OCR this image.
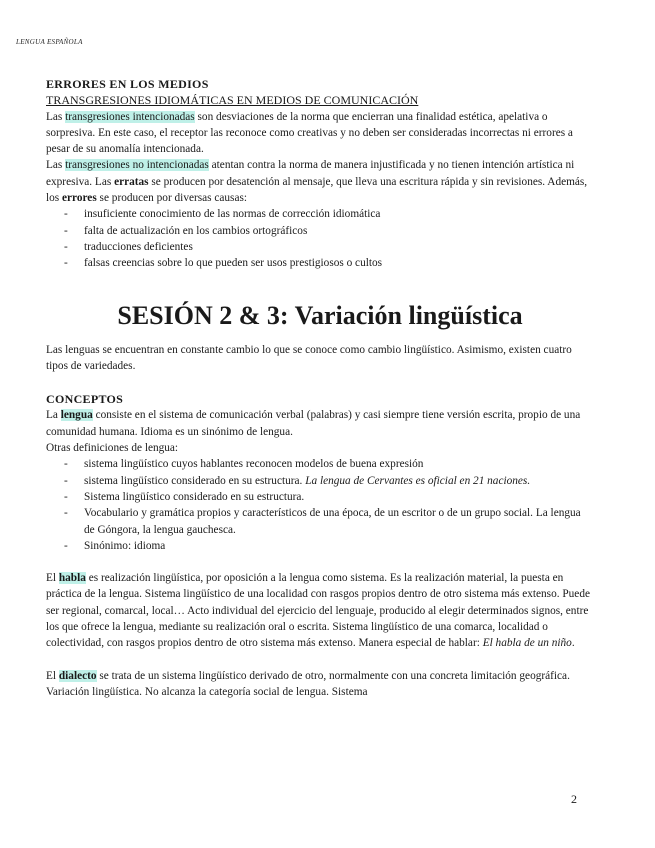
LENGUA ESPAÑOLA

ERRORES EN LOS MEDIOS

TRANSGRESIONES IDIOMÁTICAS EN MEDIOS DE COMUNICACIÓN

Las transgresiones intencionadas son desviaciones de la norma que encierran una finalidad estética, apelativa o sorpresiva. En este caso, el receptor las reconoce como creativas y no deben ser consideradas incorrectas ni errores a pesar de su anomalía intencionada.

Las transgresiones no intencionadas atentan contra la norma de manera injustificada y no tienen intención artística ni expresiva. Las erratas se producen por desatención al mensaje, que lleva una escritura rápida y sin revisiones. Además, los errores se producen por diversas causas:

- insuficiente conocimiento de las normas de corrección idiomática
- falta de actualización en los cambios ortográficos
- traducciones deficientes
- falsas creencias sobre lo que pueden ser usos prestigiosos o cultos
SESIÓN 2 & 3: Variación lingüística

Las lenguas se encuentran en constante cambio lo que se conoce como cambio lingüístico. Asimismo, existen cuatro tipos de variedades.

CONCEPTOS

La lengua consiste en el sistema de comunicación verbal (palabras) y casi siempre tiene versión escrita, propio de una comunidad humana. Idioma es un sinónimo de lengua.

Otras definiciones de lengua:

- sistema lingüístico cuyos hablantes reconocen modelos de buena expresión
- sistema lingüístico considerado en su estructura. La lengua de Cervantes es oficial en 21 naciones.
- Sistema lingüístico considerado en su estructura.
- Vocabulario y gramática propios y característicos de una época, de un escritor o de un grupo social. La lengua de Góngora, la lengua gauchesca.
- Sinónimo: idioma

El habla es realización lingüística, por oposición a la lengua como sistema. Es la realización material, la puesta en práctica de la lengua. Sistema lingüístico de una localidad con rasgos propios dentro de otro sistema más extenso. Puede ser regional, comarcal, local… Acto individual del ejercicio del lenguaje, producido al elegir determinados signos, entre los que ofrece la lengua, mediante su realización oral o escrita. Sistema lingüístico de una comarca, localidad o colectividad, con rasgos propios dentro de otro sistema más extenso. Manera especial de hablar: El habla de un niño.

El dialecto se trata de un sistema lingüístico derivado de otro, normalmente con una concreta limitación geográfica. Variación lingüística. No alcanza la categoría social de lengua. Sistema

2
